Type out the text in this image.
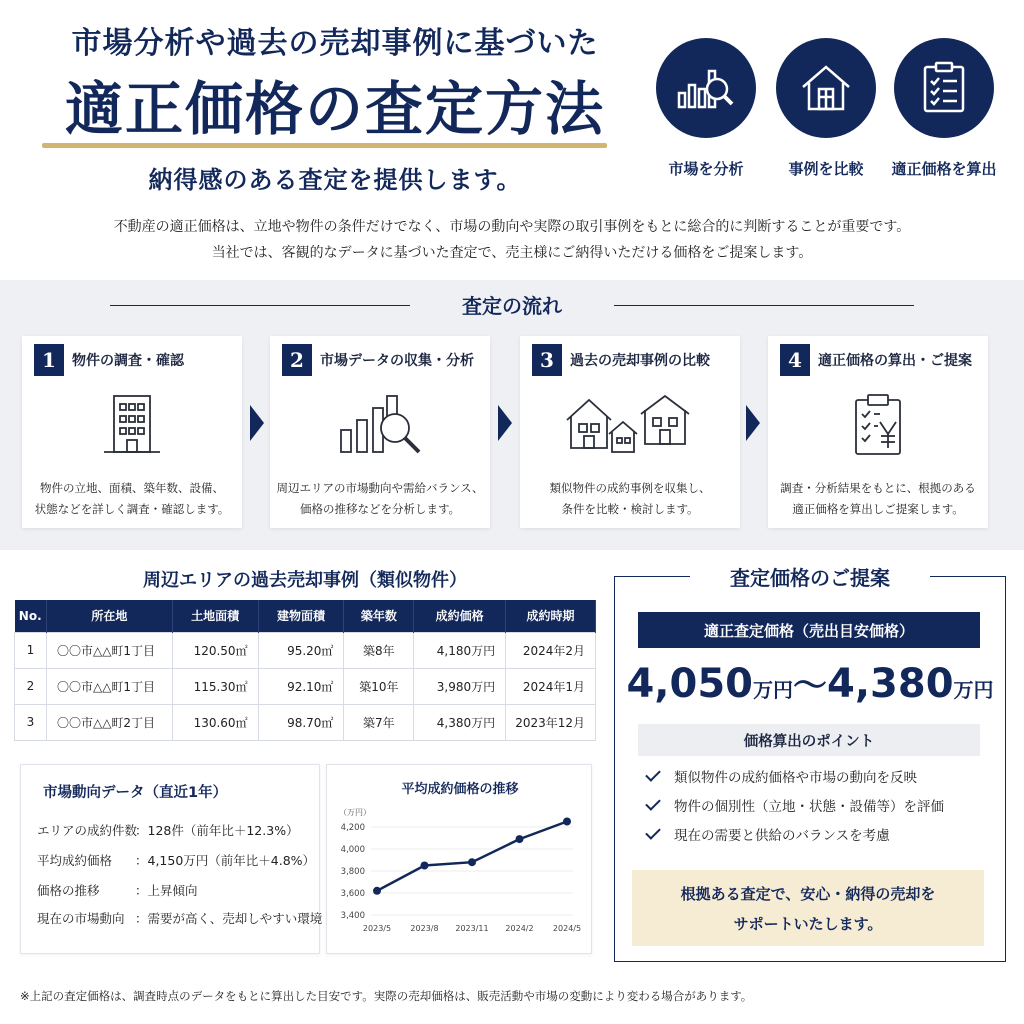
市場分析や過去の売却事例に基づいた
適正価格の査定方法
納得感のある査定を提供します。	市場を分析	事例を比較	適正価格を算出
不動産の適正価格は、立地や物件の条件だけでなく、市場の動向や実際の取引事例をもとに総合的に判断することが重要です。
当社では、客観的なデータに基づいた査定で、売主様にご納得いただける価格をご提案します。
査定の流れ
1	物件の調査・確認
物件の立地、面積、築年数、設備、
状態などを詳しく調査・確認します。
2	市場データの収集・分析
周辺エリアの市場動向や需給バランス、
価格の推移などを分析します。
3	過去の売却事例の比較
類似物件の成約事例を収集し、
条件を比較・検討します。
4	適正価格の算出・ご提案
調査・分析結果をもとに、根拠のある
適正価格を算出しご提案します。
周辺エリアの過去売却事例（類似物件）
No.	所在地	土地面積	建物面積	築年数	成約価格	成約時期
1	〇〇市△△町1丁目	120.50㎡	95.20㎡	築8年	4,180万円	2024年2月
2	〇〇市△△町1丁目	115.30㎡	92.10㎡	築10年	3,980万円	2024年1月
3	〇〇市△△町2丁目	130.60㎡	98.70㎡	築7年	4,380万円	2023年12月
市場動向データ（直近1年）
エリアの成約件数
：128件（前年比＋12.3%）
平均成約価格 ：4,150万円（前年比＋4.8%）
価格の推移	：上昇傾向
現在の市場動向 ：需要が高く、売却しやすい環境
平均成約価格の推移
（万円）
4,200
4,000
3,800
3,600
3,400
2023/5 2023/8 2023/11 2024/2 2024/5
査定価格のご提案
適正査定価格（売出目安価格）
4,050万円～4,380万円
価格算出のポイント
類似物件の成約価格や市場の動向を反映
物件の個別性（立地・状態・設備等）を評価
現在の需要と供給のバランスを考慮
根拠ある査定で、安心・納得の売却を
サポートいたします。
※上記の査定価格は、調査時点のデータをもとに算出した目安です。実際の売却価格は、販売活動や市場の変動により変わる場合があります。
